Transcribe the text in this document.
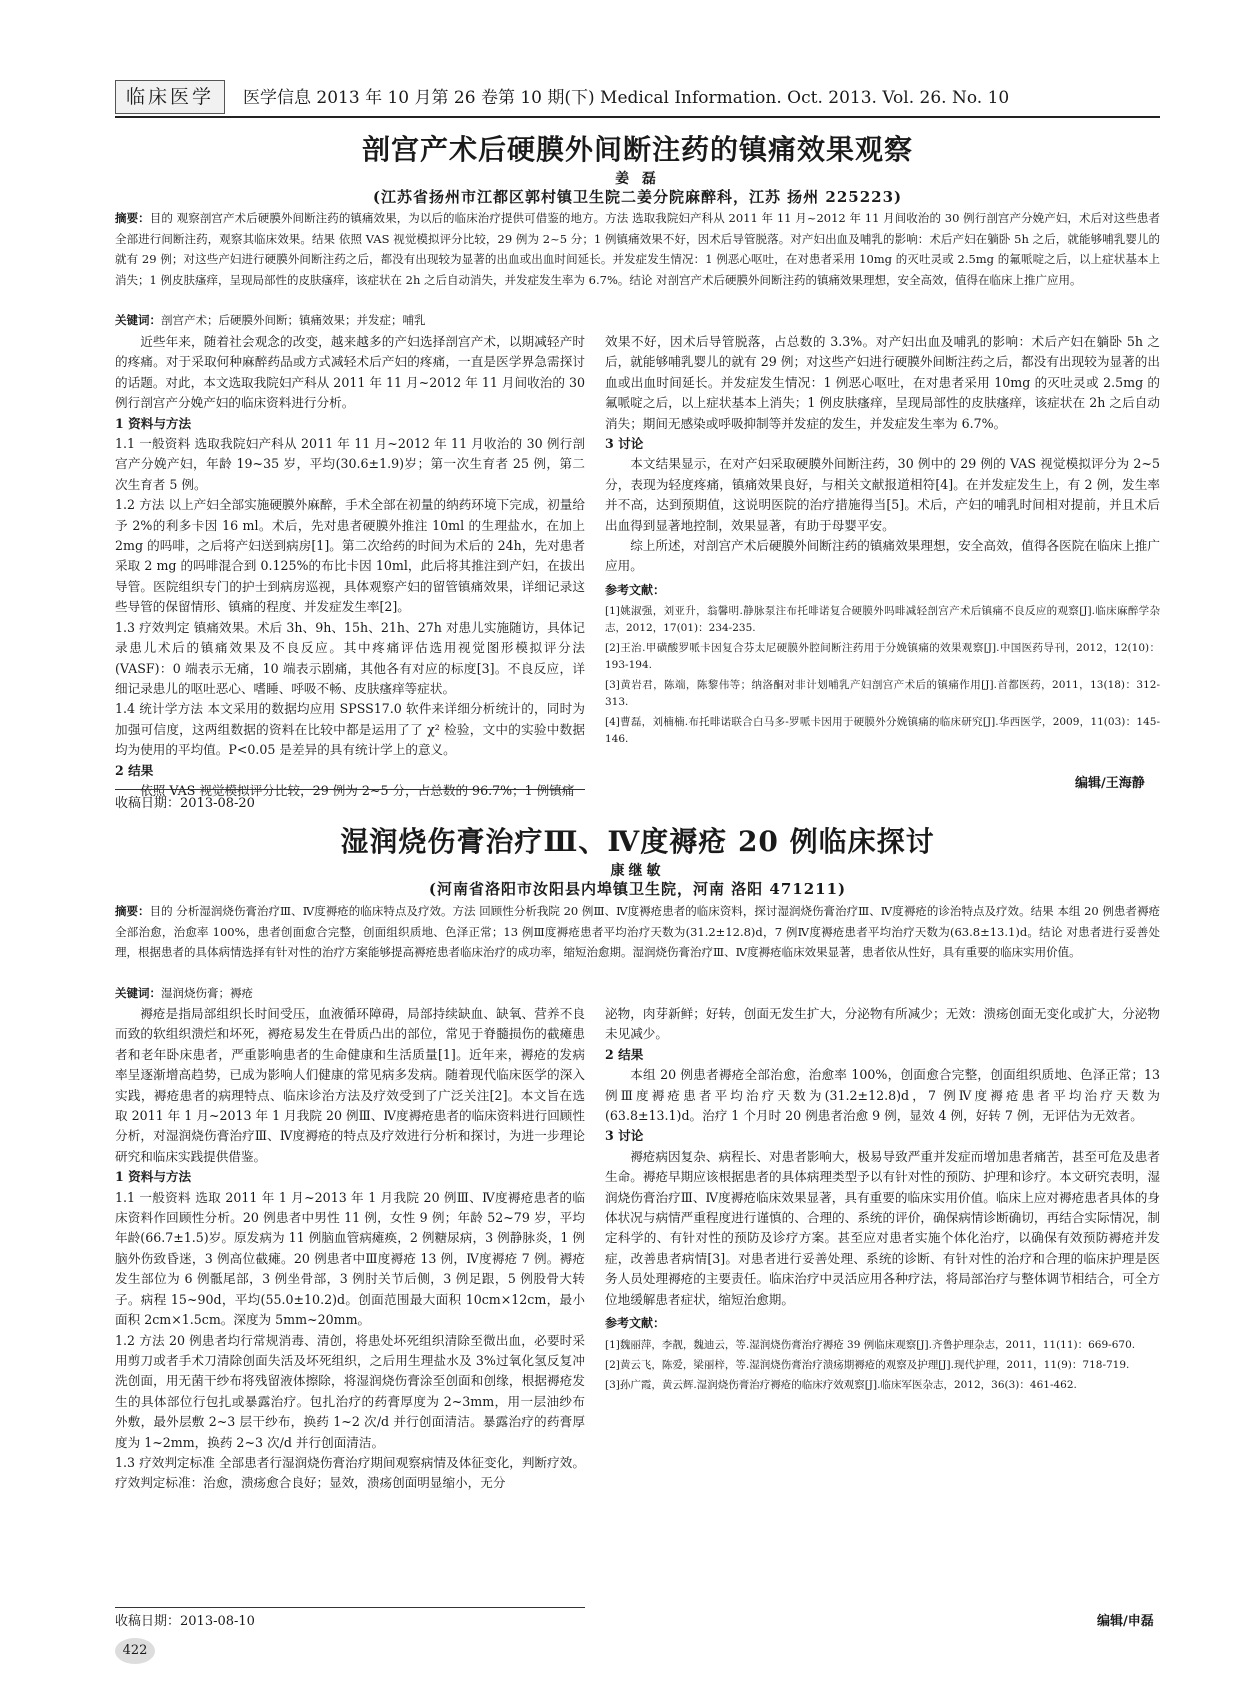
临床医学	医学信息 2013 年 10 月第 26 卷第 10 期(下) Medical Information. Oct. 2013. Vol. 26. No. 10
剖宫产术后硬膜外间断注药的镇痛效果观察
姜 磊
(江苏省扬州市江都区郭村镇卫生院二姜分院麻醉科，江苏 扬州 225223)
摘要：目的 观察剖宫产术后硬膜外间断注药的镇痛效果，为以后的临床治疗提供可借鉴的地方。方法 选取我院妇产科从 2011 年 11 月~2012 年 11 月间收治的 30 例行剖宫产分娩产妇，术后对这些患者全部进行间断注药，观察其临床效果。结果 依照 VAS 视觉模拟评分比较，29 例为 2~5 分；1 例镇痛效果不好，因术后导管脱落。对产妇出血及哺乳的影响：术后产妇在躺卧 5h 之后，就能够哺乳婴儿的就有 29 例；对这些产妇进行硬膜外间断注药之后，都没有出现较为显著的出血或出血时间延长。并发症发生情况：1 例恶心呕吐，在对患者采用 10mg 的灭吐灵或 2.5mg 的氟哌啶之后，以上症状基本上消失；1 例皮肤瘙痒，呈现局部性的皮肤瘙痒，该症状在 2h 之后自动消失，并发症发生率为 6.7%。结论 对剖宫产术后硬膜外间断注药的镇痛效果理想，安全高效，值得在临床上推广应用。
关键词：剖宫产术；后硬膜外间断；镇痛效果；并发症；哺乳

近些年来，随着社会观念的改变，越来越多的产妇选择剖宫产术，以期减轻产时的疼痛。对于采取何种麻醉药品或方式减轻术后产妇的疼痛，一直是医学界急需探讨的话题。对此，本文选取我院妇产科从 2011 年 11 月~2012 年 11 月间收治的 30 例行剖宫产分娩产妇的临床资料进行分析。

1 资料与方法

1.1 一般资料 选取我院妇产科从 2011 年 11 月~2012 年 11 月收治的 30 例行剖宫产分娩产妇，年龄 19~35 岁，平均(30.6±1.9)岁；第一次生育者 25 例，第二次生育者 5 例。

1.2 方法 以上产妇全部实施硬膜外麻醉，手术全部在初量的纳药环境下完成，初量给予 2%的利多卡因 16 ml。术后，先对患者硬膜外推注 10ml 的生理盐水，在加上 2mg 的吗啡，之后将产妇送到病房[1]。第二次给药的时间为术后的 24h，先对患者采取 2 mg 的吗啡混合到 0.125%的布比卡因 10ml，此后将其推注到产妇，在拔出导管。医院组织专门的护士到病房巡视，具体观察产妇的留管镇痛效果，详细记录这些导管的保留情形、镇痛的程度、并发症发生率[2]。

1.3 疗效判定 镇痛效果。术后 3h、9h、15h、21h、27h 对患儿实施随访，具体记录患儿术后的镇痛效果及不良反应。其中疼痛评估选用视觉图形模拟评分法(VASF)：0 端表示无痛，10 端表示剧痛，其他各有对应的标度[3]。不良反应，详细记录患儿的呕吐恶心、嗜睡、呼吸不畅、皮肤瘙痒等症状。

1.4 统计学方法 本文采用的数据均应用 SPSS17.0 软件来详细分析统计的，同时为加强可信度，这两组数据的资料在比较中都是运用了了 χ² 检验，文中的实验中数据均为使用的平均值。P<0.05 是差异的具有统计学上的意义。

2 结果

依照 VAS 视觉模拟评分比较，29 例为 2~5 分，占总数的 96.7%；1 例镇痛

效果不好，因术后导管脱落，占总数的 3.3%。对产妇出血及哺乳的影响：术后产妇在躺卧 5h 之后，就能够哺乳婴儿的就有 29 例；对这些产妇进行硬膜外间断注药之后，都没有出现较为显著的出血或出血时间延长。并发症发生情况：1 例恶心呕吐，在对患者采用 10mg 的灭吐灵或 2.5mg 的氟哌啶之后，以上症状基本上消失；1 例皮肤瘙痒，呈现局部性的皮肤瘙痒，该症状在 2h 之后自动消失；期间无感染或呼吸抑制等并发症的发生，并发症发生率为 6.7%。

3 讨论

本文结果显示，在对产妇采取硬膜外间断注药，30 例中的 29 例的 VAS 视觉模拟评分为 2~5 分，表现为轻度疼痛，镇痛效果良好，与相关文献报道相符[4]。在并发症发生上，有 2 例，发生率并不高，达到预期值，这说明医院的治疗措施得当[5]。术后，产妇的哺乳时间相对提前，并且术后出血得到显著地控制，效果显著，有助于母婴平安。

综上所述，对剖宫产术后硬膜外间断注药的镇痛效果理想，安全高效，值得各医院在临床上推广应用。

参考文献：

[1]姚淑强，刘亚升，翁馨明.静脉泵注布托啡诺复合硬膜外吗啡减轻剖宫产术后镇痛不良反应的观察[J].临床麻醉学杂志，2012，17(01)：234-235.

[2]王治.甲磺酸罗哌卡因复合芬太尼硬膜外腔间断注药用于分娩镇痛的效果观察[J].中国医药导刊，2012，12(10)：193-194.

[3]黄岩君，陈端，陈黎伟等；纳洛酮对非计划哺乳产妇剖宫产术后的镇痛作用[J].首都医药，2011，13(18)：312-313.

[4]曹磊，刘楠楠.布托啡诺联合白马多-罗哌卡因用于硬膜外分娩镇痛的临床研究[J].华西医学，2009，11(03)：145-146.

编辑/王海静
收稿日期：2013-08-20
湿润烧伤膏治疗Ⅲ、Ⅳ度褥疮 20 例临床探讨
康继敏
(河南省洛阳市汝阳县内埠镇卫生院，河南 洛阳 471211)
摘要：目的 分析湿润烧伤膏治疗Ⅲ、Ⅳ度褥疮的临床特点及疗效。方法 回顾性分析我院 20 例Ⅲ、Ⅳ度褥疮患者的临床资料，探讨湿润烧伤膏治疗Ⅲ、Ⅳ度褥疮的诊治特点及疗效。结果 本组 20 例患者褥疮全部治愈，治愈率 100%，患者创面愈合完整，创面组织质地、色泽正常；13 例Ⅲ度褥疮患者平均治疗天数为(31.2±12.8)d，7 例Ⅳ度褥疮患者平均治疗天数为(63.8±13.1)d。结论 对患者进行妥善处理，根据患者的具体病情选择有针对性的治疗方案能够提高褥疮患者临床治疗的成功率，缩短治愈期。湿润烧伤膏治疗Ⅲ、Ⅳ度褥疮临床效果显著，患者依从性好，具有重要的临床实用价值。
关键词：湿润烧伤膏；褥疮

褥疮是指局部组织长时间受压，血液循环障碍，局部持续缺血、缺氧、营养不良而致的软组织溃烂和坏死，褥疮易发生在骨质凸出的部位，常见于脊髓损伤的截瘫患者和老年卧床患者，严重影响患者的生命健康和生活质量[1]。近年来，褥疮的发病率呈逐渐增高趋势，已成为影响人们健康的常见病多发病。随着现代临床医学的深入实践，褥疮患者的病理特点、临床诊治方法及疗效受到了广泛关注[2]。本文旨在选取 2011 年 1 月~2013 年 1 月我院 20 例Ⅲ、Ⅳ度褥疮患者的临床资料进行回顾性分析，对湿润烧伤膏治疗Ⅲ、Ⅳ度褥疮的特点及疗效进行分析和探讨，为进一步理论研究和临床实践提供借鉴。

1 资料与方法

1.1 一般资料 选取 2011 年 1 月~2013 年 1 月我院 20 例Ⅲ、Ⅳ度褥疮患者的临床资料作回顾性分析。20 例患者中男性 11 例，女性 9 例；年龄 52~79 岁，平均年龄(66.7±1.5)岁。原发病为 11 例脑血管病瘫痪，2 例糖尿病，3 例静脉炎，1 例脑外伤致昏迷，3 例高位截瘫。20 例患者中Ⅲ度褥疮 13 例，Ⅳ度褥疮 7 例。褥疮发生部位为 6 例骶尾部，3 例坐骨部，3 例肘关节后侧，3 例足跟，5 例股骨大转子。病程 15~90d，平均(55.0±10.2)d。创面范围最大面积 10cm×12cm，最小面积 2cm×1.5cm。深度为 5mm~20mm。

1.2 方法 20 例患者均行常规消毒、清创，将患处坏死组织清除至微出血，必要时采用剪刀或者手术刀清除创面失活及坏死组织，之后用生理盐水及 3%过氧化氢反复冲洗创面，用无菌干纱布将残留液体擦除，将湿润烧伤膏涂至创面和创缘，根据褥疮发生的具体部位行包扎或暴露治疗。包扎治疗的药膏厚度为 2~3mm，用一层油纱布外敷，最外层敷 2~3 层干纱布，换药 1~2 次/d 并行创面清洁。暴露治疗的药膏厚度为 1~2mm，换药 2~3 次/d 并行创面清洁。

1.3 疗效判定标准 全部患者行湿润烧伤膏治疗期间观察病情及体征变化，判断疗效。疗效判定标准：治愈，溃疡愈合良好；显效，溃疡创面明显缩小，无分

泌物，肉芽新鲜；好转，创面无发生扩大，分泌物有所减少；无效：溃疡创面无变化或扩大，分泌物未见减少。

2 结果

本组 20 例患者褥疮全部治愈，治愈率 100%，创面愈合完整，创面组织质地、色泽正常；13 例Ⅲ度褥疮患者平均治疗天数为(31.2±12.8)d，7 例Ⅳ度褥疮患者平均治疗天数为(63.8±13.1)d。治疗 1 个月时 20 例患者治愈 9 例，显效 4 例，好转 7 例，无评估为无效者。

3 讨论

褥疮病因复杂、病程长、对患者影响大，极易导致严重并发症而增加患者痛苦，甚至可危及患者生命。褥疮早期应该根据患者的具体病理类型予以有针对性的预防、护理和诊疗。本文研究表明，湿润烧伤膏治疗Ⅲ、Ⅳ度褥疮临床效果显著，具有重要的临床实用价值。临床上应对褥疮患者具体的身体状况与病情严重程度进行谨慎的、合理的、系统的评价，确保病情诊断确切，再结合实际情况，制定科学的、有针对性的预防及诊疗方案。甚至应对患者实施个体化治疗，以确保有效预防褥疮并发症，改善患者病情[3]。对患者进行妥善处理、系统的诊断、有针对性的治疗和合理的临床护理是医务人员处理褥疮的主要责任。临床治疗中灵活应用各种疗法，将局部治疗与整体调节相结合，可全方位地缓解患者症状，缩短治愈期。

参考文献：

[1]魏丽萍，李靓，魏迪云，等.湿润烧伤膏治疗褥疮 39 例临床观察[J].齐鲁护理杂志，2011，11(11)：669-670.

[2]黄云飞，陈爱，梁丽梓，等.湿润烧伤膏治疗溃疡期褥疮的观察及护理[J].现代护理，2011，11(9)：718-719.

[3]孙广霞，黄云辉.湿润烧伤膏治疗褥疮的临床疗效观察[J].临床军医杂志，2012，36(3)：461-462.

编辑/申磊
收稿日期：2013-08-10
422
